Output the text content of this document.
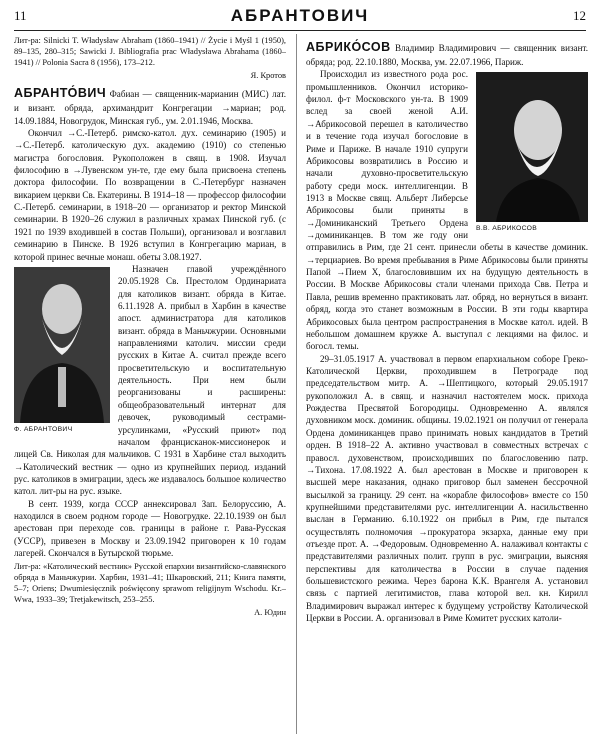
11	АБРАНТОВИЧ	12

Лит-ра: Silnicki T. Władysław Abraham (1860–1941) // Życie i Myśl 1 (1950), 89–135, 280–315; Sawicki J. Bibliografia prac Władysława Abrahama (1860–1941) // Polonia Sacra 8 (1956), 173–212.

Я. Кротов

АБРАНТО́ВИЧ Фабиан — священник-марианин (МИС) лат. и визант. обряда, архимандрит Конгрегации →мариан; род. 14.09.1884, Новогрудок, Минская губ., ум. 2.01.1946, Москва.

Окончил →С.-Петерб. римско-катол. дух. семинарию (1905) и →С.-Петерб. католическую дух. академию (1910) со степенью магистра богословия. Рукоположен в свящ. в 1908. Изучал философию в →Лувенском ун-те, где ему была присвоена степень доктора философии. По возвращении в С.-Петербург назначен викарием церкви Св. Екатерины. В 1914–18 — профессор философии С.-Петерб. семинарии, в 1918–20 — организатор и ректор Минской семинарии. В 1920–26 служил в различных храмах Пинской губ. (с 1921 по 1939 входившей в состав Польши), организовал и возглавил семинарию в Пинске. В 1926 вступил в Конгрегацию мариан, в которой принес вечные монаш. обеты 3.08.1927.

Ф. АБРАНТОВИЧ

Назначен главой учреждённого 20.05.1928 Св. Престолом Ординариата для католиков визант. обряда в Китае. 6.11.1928 А. прибыл в Харбин в качестве апост. администратора для католиков визант. обряда в Маньчжурии. Основными направлениями католич. миссии среди русских в Китае А. считал прежде всего просветительскую и воспитательную деятельность. При нем были реорганизованы и расширены: общеобразовательный интернат для девочек, руководимый сестрами-урсулинками, «Русский приют» под началом францисканок-миссионерок и лицей Св. Николая для мальчиков. С 1931 в Харбине стал выходить →Католический вестник — одно из крупнейших период. изданий рус. католиков в эмиграции, здесь же издавалось большое количество катол. лит-ры на рус. языке.

В сент. 1939, когда СССР аннексировал Зап. Белоруссию, А. находился в своем родном городе — Новогрудке. 22.10.1939 он был арестован при переходе сов. границы в районе г. Рава-Русская (УССР), привезен в Москву и 23.09.1942 приговорен к 10 годам лагерей. Скончался в Бутырской тюрьме.

Лит-ра: «Католический вестник» Русской епархии византийско-славянского обряда в Маньчжурии. Харбин, 1931–41; Шкаровский, 211; Книга памяти, 5–7; Oriens; Dwumiesięcznik poświęcony sprawom religijnym Wschodu. Kr.–Wwa, 1933–39; Tretjakewitsch, 253–255.

А. Юдин

АБРИКО́СОВ Владимир Владимирович — священник визант. обряда; род. 22.10.1880, Москва, ум. 22.07.1966, Париж.

В.В. АБРИКОСОВ

Происходил из известного рода рос. промышленников. Окончил историко-филол. ф-т Московского ун-та. В 1909 вслед за своей женой А.И. →Абрикосовой перешел в католичество и в течение года изучал богословие в Риме и Париже. В начале 1910 супруги Абрикосовы возвратились в Россию и начали духовно-просветительскую работу среди моск. интеллигенции. В 1913 в Москве свящ. Альберт Либерсье Абрикосовы были приняты в →Доминиканский Третьего Ордена →доминиканцев. В том же году они отправились в Рим, где 21 сент. принесли обеты в качестве доминик. →терциариев. Во время пребывания в Риме Абрикосовы были приняты Папой →Пием X, благословившим их на будущую деятельность в России. В Москве Абрикосовы стали членами прихода Свв. Петра и Павла, решив временно практиковать лат. обряд, но вернуться в визант. обряд, когда это станет возможным в России. В эти годы квартира Абрикосовых была центром распространения в Москве катол. идей. В небольшом домашнем кружке А. выступал с лекциями на филос. и богосл. темы.

29–31.05.1917 А. участвовал в первом епархиальном соборе Греко-Католической Церкви, проходившем в Петрограде под председательством митр. А. →Шептицкого, который 29.05.1917 рукоположил А. в свящ. и назначил настоятелем моск. прихода Рождества Пресвятой Богородицы. Одновременно А. являлся духовником моск. доминик. общины. 19.02.1921 он получил от генерала Ордена доминиканцев право принимать новых кандидатов в Третий орден. В 1918–22 А. активно участвовал в совместных встречах с правосл. духовенством, происходивших по благословению патр. →Тихона. 17.08.1922 А. был арестован в Москве и приговорен к высшей мере наказания, однако приговор был заменен бессрочной высылкой за границу. 29 сент. на «корабле философов» вместе со 150 крупнейшими представителями рус. интеллигенции А. насильственно выслан в Германию. 6.10.1922 он прибыл в Рим, где пытался осуществлять полномочия →прокуратора экзарха, данные ему при отъезде прот. А. →Федоровым. Одновременно А. налаживал контакты с представителями различных полит. групп в рус. эмиграции, выясняя перспективы для католичества в России в случае падения большевистского режима. Через барона К.К. Врангеля А. установил связь с партией легитимистов, глава которой вел. кн. Кирилл Владимирович выражал интерес к будущему устройству Католической Церкви в России. А. организовал в Риме Комитет русских католи-
